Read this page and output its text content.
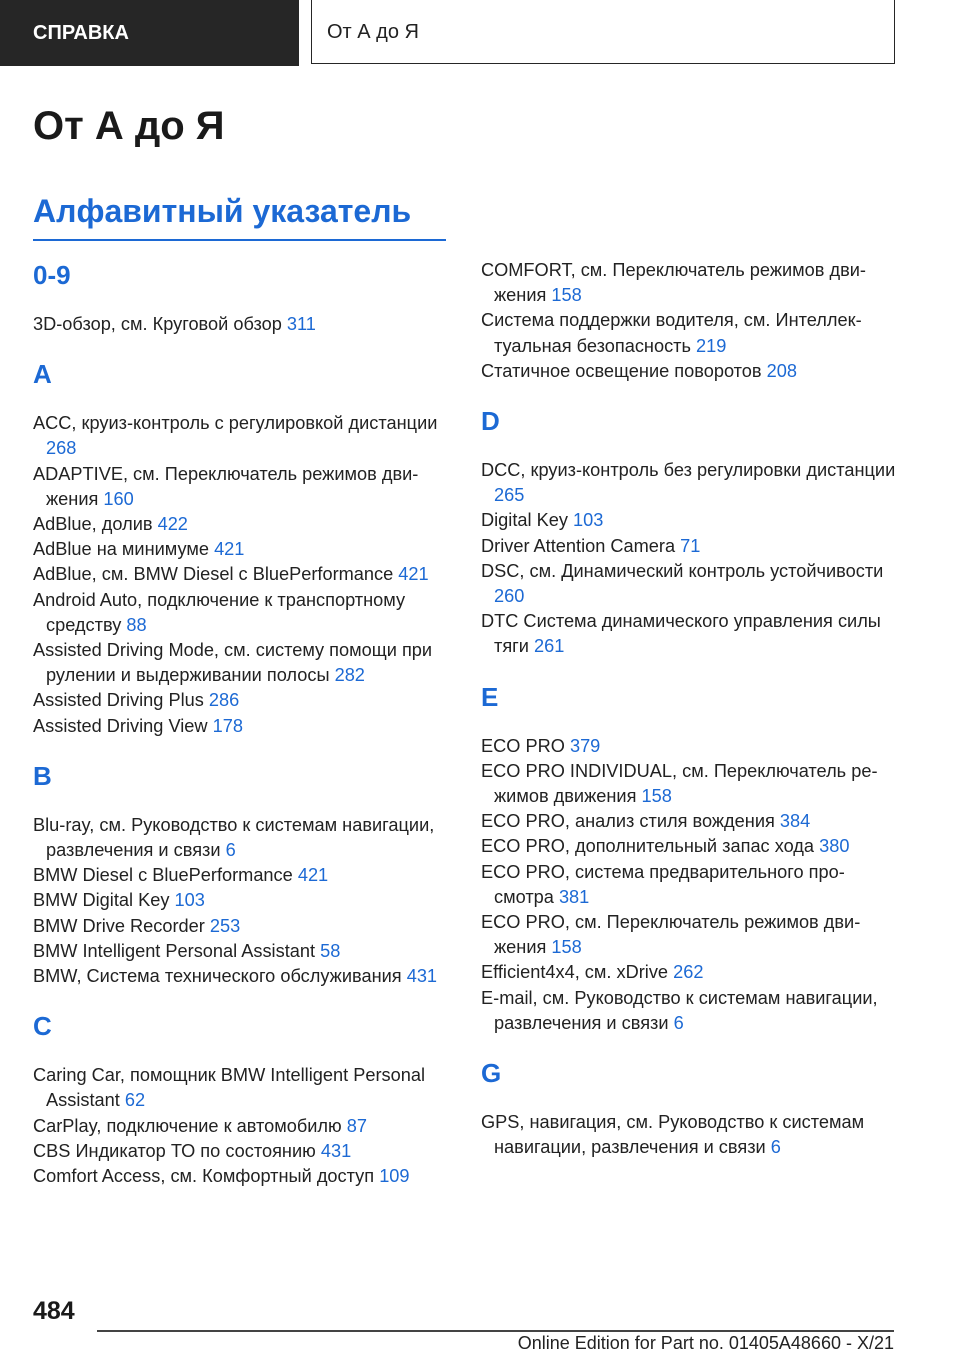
СПРАВКА	От А до Я
От А до Я
Алфавитный указатель
0-9
3D-обзор, см. Круговой обзор 311
A
ACC, круиз-контроль с регулировкой дистанции 268
ADAPTIVE, см. Переключатель режимов движения 160
AdBlue, долив 422
AdBlue на минимуме 421
AdBlue, см. BMW Diesel с BluePerformance 421
Android Auto, подключение к транспортному средству 88
Assisted Driving Mode, см. систему помощи при рулении и выдерживании полосы 282
Assisted Driving Plus 286
Assisted Driving View 178
B
Blu-ray, см. Руководство к системам навигации, развлечения и связи 6
BMW Diesel с BluePerformance 421
BMW Digital Key 103
BMW Drive Recorder 253
BMW Intelligent Personal Assistant 58
BMW, Система технического обслуживания 431
C
Caring Car, помощник BMW Intelligent Personal Assistant 62
CarPlay, подключение к автомобилю 87
CBS Индикатор ТО по состоянию 431
Comfort Access, см. Комфортный доступ 109
COMFORT, см. Переключатель режимов движения 158
Система поддержки водителя, см. Интеллектуальная безопасность 219
Статичное освещение поворотов 208
D
DCC, круиз-контроль без регулировки дистанции 265
Digital Key 103
Driver Attention Camera 71
DSC, см. Динамический контроль устойчивости 260
DTC Система динамического управления силы тяги 261
E
ECO PRO 379
ECO PRO INDIVIDUAL, см. Переключатель режимов движения 158
ECO PRO, анализ стиля вождения 384
ECO PRO, дополнительный запас хода 380
ECO PRO, система предварительного просмотра 381
ECO PRO, см. Переключатель режимов движения 158
Efficient4x4, см. xDrive 262
E-mail, см. Руководство к системам навигации, развлечения и связи 6
G
GPS, навигация, см. Руководство к системам навигации, развлечения и связи 6
484
Online Edition for Part no. 01405A48660 - X/21
